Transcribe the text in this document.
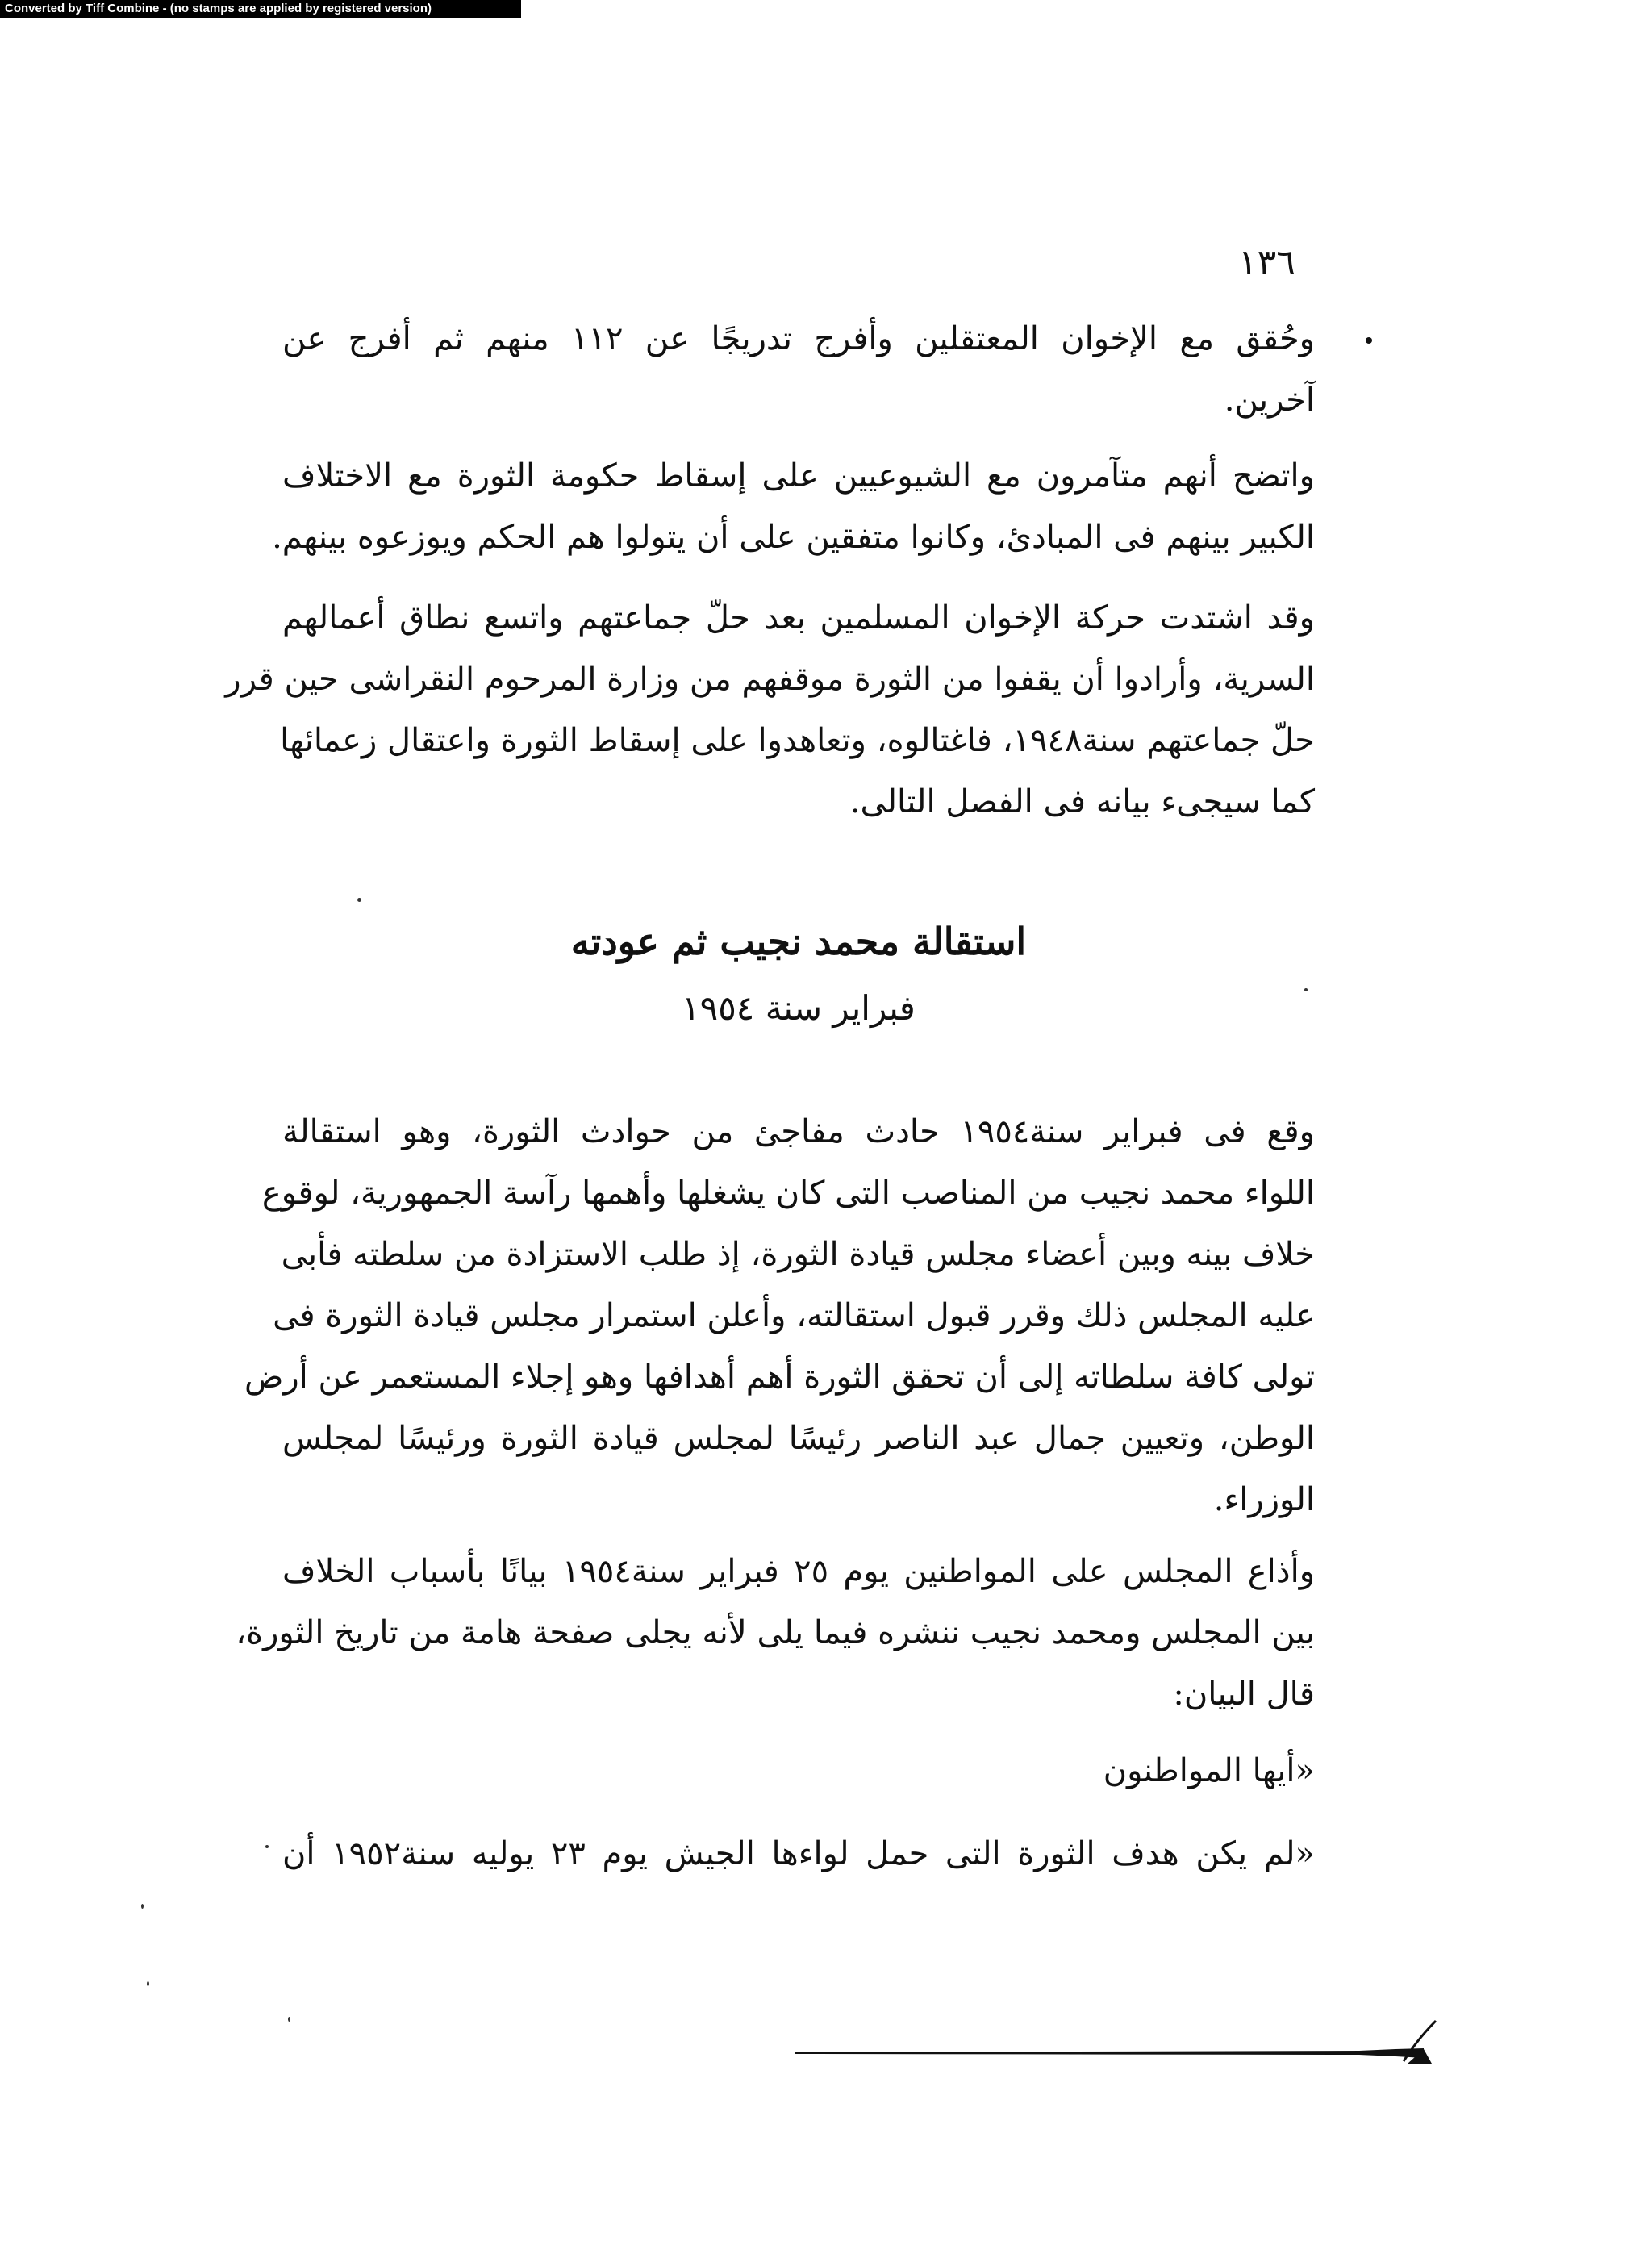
Converted by Tiff Combine - (no stamps are applied by registered version)
١٣٦

وحُقق مع الإخوان المعتقلين وأفرج تدريجًا عن ١١٢ منهم ثم أفرج عن
آخرين.

واتضح أنهم متآمرون مع الشيوعيين على إسقاط حكومة الثورة مع الاختلاف
الكبير بينهم فى المبادئ، وكانوا متفقين على أن يتولوا هم الحكم ويوزعوه بينهم.

وقد اشتدت حركة الإخوان المسلمين بعد حلّ جماعتهم واتسع نطاق أعمالهم
السرية، وأرادوا أن يقفوا من الثورة موقفهم من وزارة المرحوم النقراشى حين قرر
حلّ جماعتهم سنة١٩٤٨، فاغتالوه، وتعاهدوا على إسقاط الثورة واعتقال زعمائها
كما سيجىء بيانه فى الفصل التالى.

استقالة محمد نجيب ثم عودته
فبراير سنة ١٩٥٤

وقع فى فبراير سنة١٩٥٤ حادث مفاجئ من حوادث الثورة، وهو استقالة
اللواء محمد نجيب من المناصب التى كان يشغلها وأهمها رآسة الجمهورية، لوقوع
خلاف بينه وبين أعضاء مجلس قيادة الثورة، إذ طلب الاستزادة من سلطته فأبى
عليه المجلس ذلك وقرر قبول استقالته، وأعلن استمرار مجلس قيادة الثورة فى
تولى كافة سلطاته إلى أن تحقق الثورة أهم أهدافها وهو إجلاء المستعمر عن أرض
الوطن، وتعيين جمال عبد الناصر رئيسًا لمجلس قيادة الثورة ورئيسًا لمجلس
الوزراء.

وأذاع المجلس على المواطنين يوم ٢٥ فبراير سنة١٩٥٤ بيانًا بأسباب الخلاف
بين المجلس ومحمد نجيب ننشره فيما يلى لأنه يجلى صفحة هامة من تاريخ الثورة،
قال البيان:

«أيها المواطنون

«لم يكن هدف الثورة التى حمل لواءها الجيش يوم ٢٣ يوليه سنة١٩٥٢ أن
